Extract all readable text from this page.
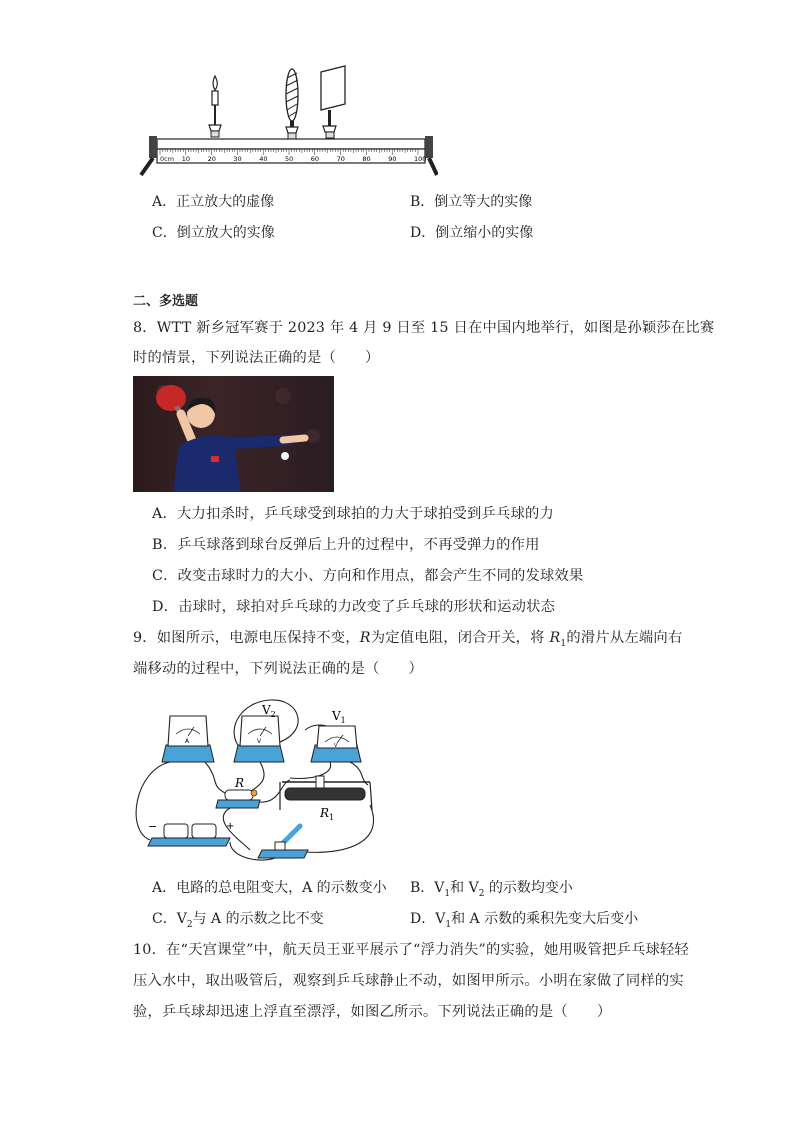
10	20	30	40	50	60	70	80	90	100
0cm
A．正立放大的虚像	B．倒立等大的实像
C．倒立放大的实像	D．倒立缩小的实像
二、多选题
8．WTT 新乡冠军赛于 2023 年 4 月 9 日至 15 日在中国内地举行，如图是孙颖莎在比赛
时的情景，下列说法正确的是（　　）
A．大力扣杀时，乒乓球受到球拍的力大于球拍受到乒乓球的力
B．乒乓球落到球台反弹后上升的过程中，不再受弹力的作用
C．改变击球时力的大小、方向和作用点，都会产生不同的发球效果
D．击球时，球拍对乒乓球的力改变了乒乓球的形状和运动状态
9．如图所示，电源电压保持不变，R为定值电阻，闭合开关，将 $R_1$的滑片从左端向右
端移动的过程中，下列说法正确的是（　　）
A	V
$V_2$
V
$V_1$
R
$R_1$
−	+
A．电路的总电阻变大，A 的示数变小 B．$V_1$和 $V_2$ 的示数均变小
C．$V_2$与 A 的示数之比不变	D．$V_1$和 A 示数的乘积先变大后变小
10．在“天宫课堂”中，航天员王亚平展示了“浮力消失”的实验，她用吸管把乒乓球轻轻
压入水中，取出吸管后，观察到乒乓球静止不动，如图甲所示。小明在家做了同样的实
验，乒乓球却迅速上浮直至漂浮，如图乙所示。下列说法正确的是（　　）
